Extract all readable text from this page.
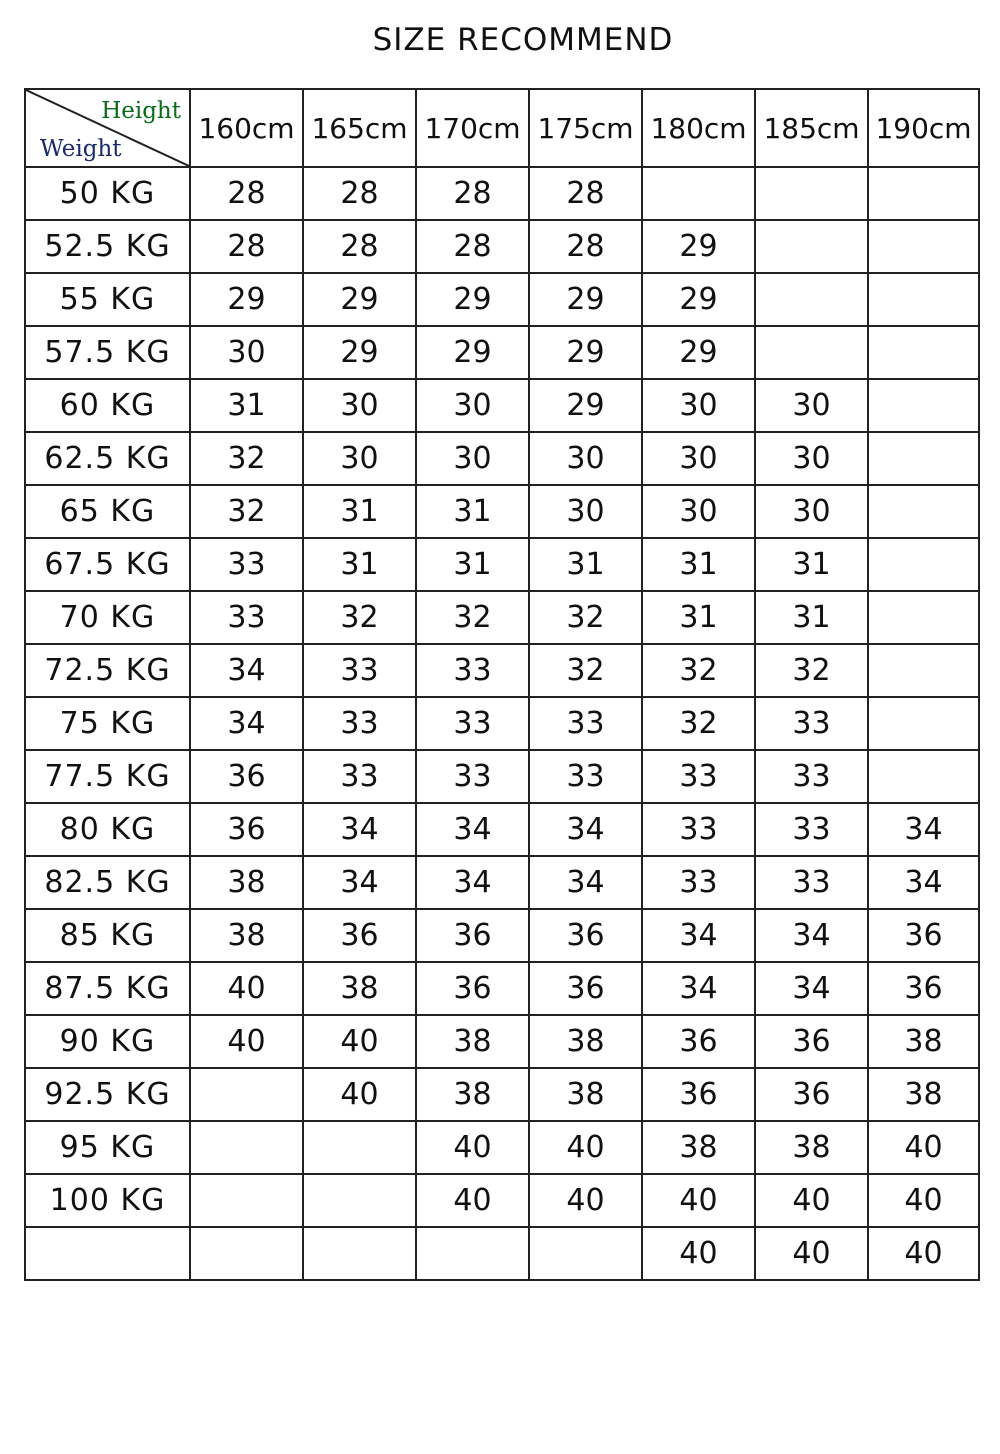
SIZE RECOMMEND
Height
Weight	160cm	165cm	170cm	175cm	180cm	185cm	190cm
50 KG	28	28	28	28			
52.5 KG	28	28	28	28	29		
55 KG	29	29	29	29	29		
57.5 KG	30	29	29	29	29		
60 KG	31	30	30	29	30	30	
62.5 KG	32	30	30	30	30	30	
65 KG	32	31	31	30	30	30	
67.5 KG	33	31	31	31	31	31	
70 KG	33	32	32	32	31	31	
72.5 KG	34	33	33	32	32	32	
75 KG	34	33	33	33	32	33	
77.5 KG	36	33	33	33	33	33	
80 KG	36	34	34	34	33	33	34
82.5 KG	38	34	34	34	33	33	34
85 KG	38	36	36	36	34	34	36
87.5 KG	40	38	36	36	34	34	36
90 KG	40	40	38	38	36	36	38
92.5 KG		40	38	38	36	36	38
95 KG			40	40	38	38	40
100 KG			40	40	40	40	40
					40	40	40
